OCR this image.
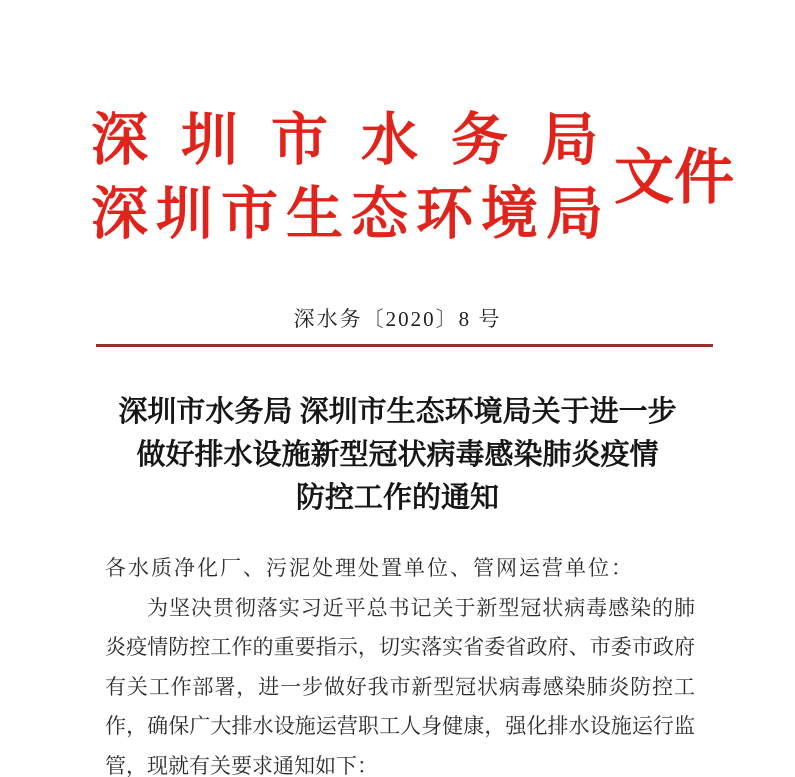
深圳市水务局
深圳市生态环境局
文件
深水务〔2020〕8 号
深圳市水务局 深圳市生态环境局关于进一步
做好排水设施新型冠状病毒感染肺炎疫情
防控工作的通知
各水质净化厂、污泥处理处置单位、管网运营单位：
为坚决贯彻落实习近平总书记关于新型冠状病毒感染的肺
炎疫情防控工作的重要指示，切实落实省委省政府、市委市政府
有关工作部署，进一步做好我市新型冠状病毒感染肺炎防控工
作，确保广大排水设施运营职工人身健康，强化排水设施运行监
管，现就有关要求通知如下：
